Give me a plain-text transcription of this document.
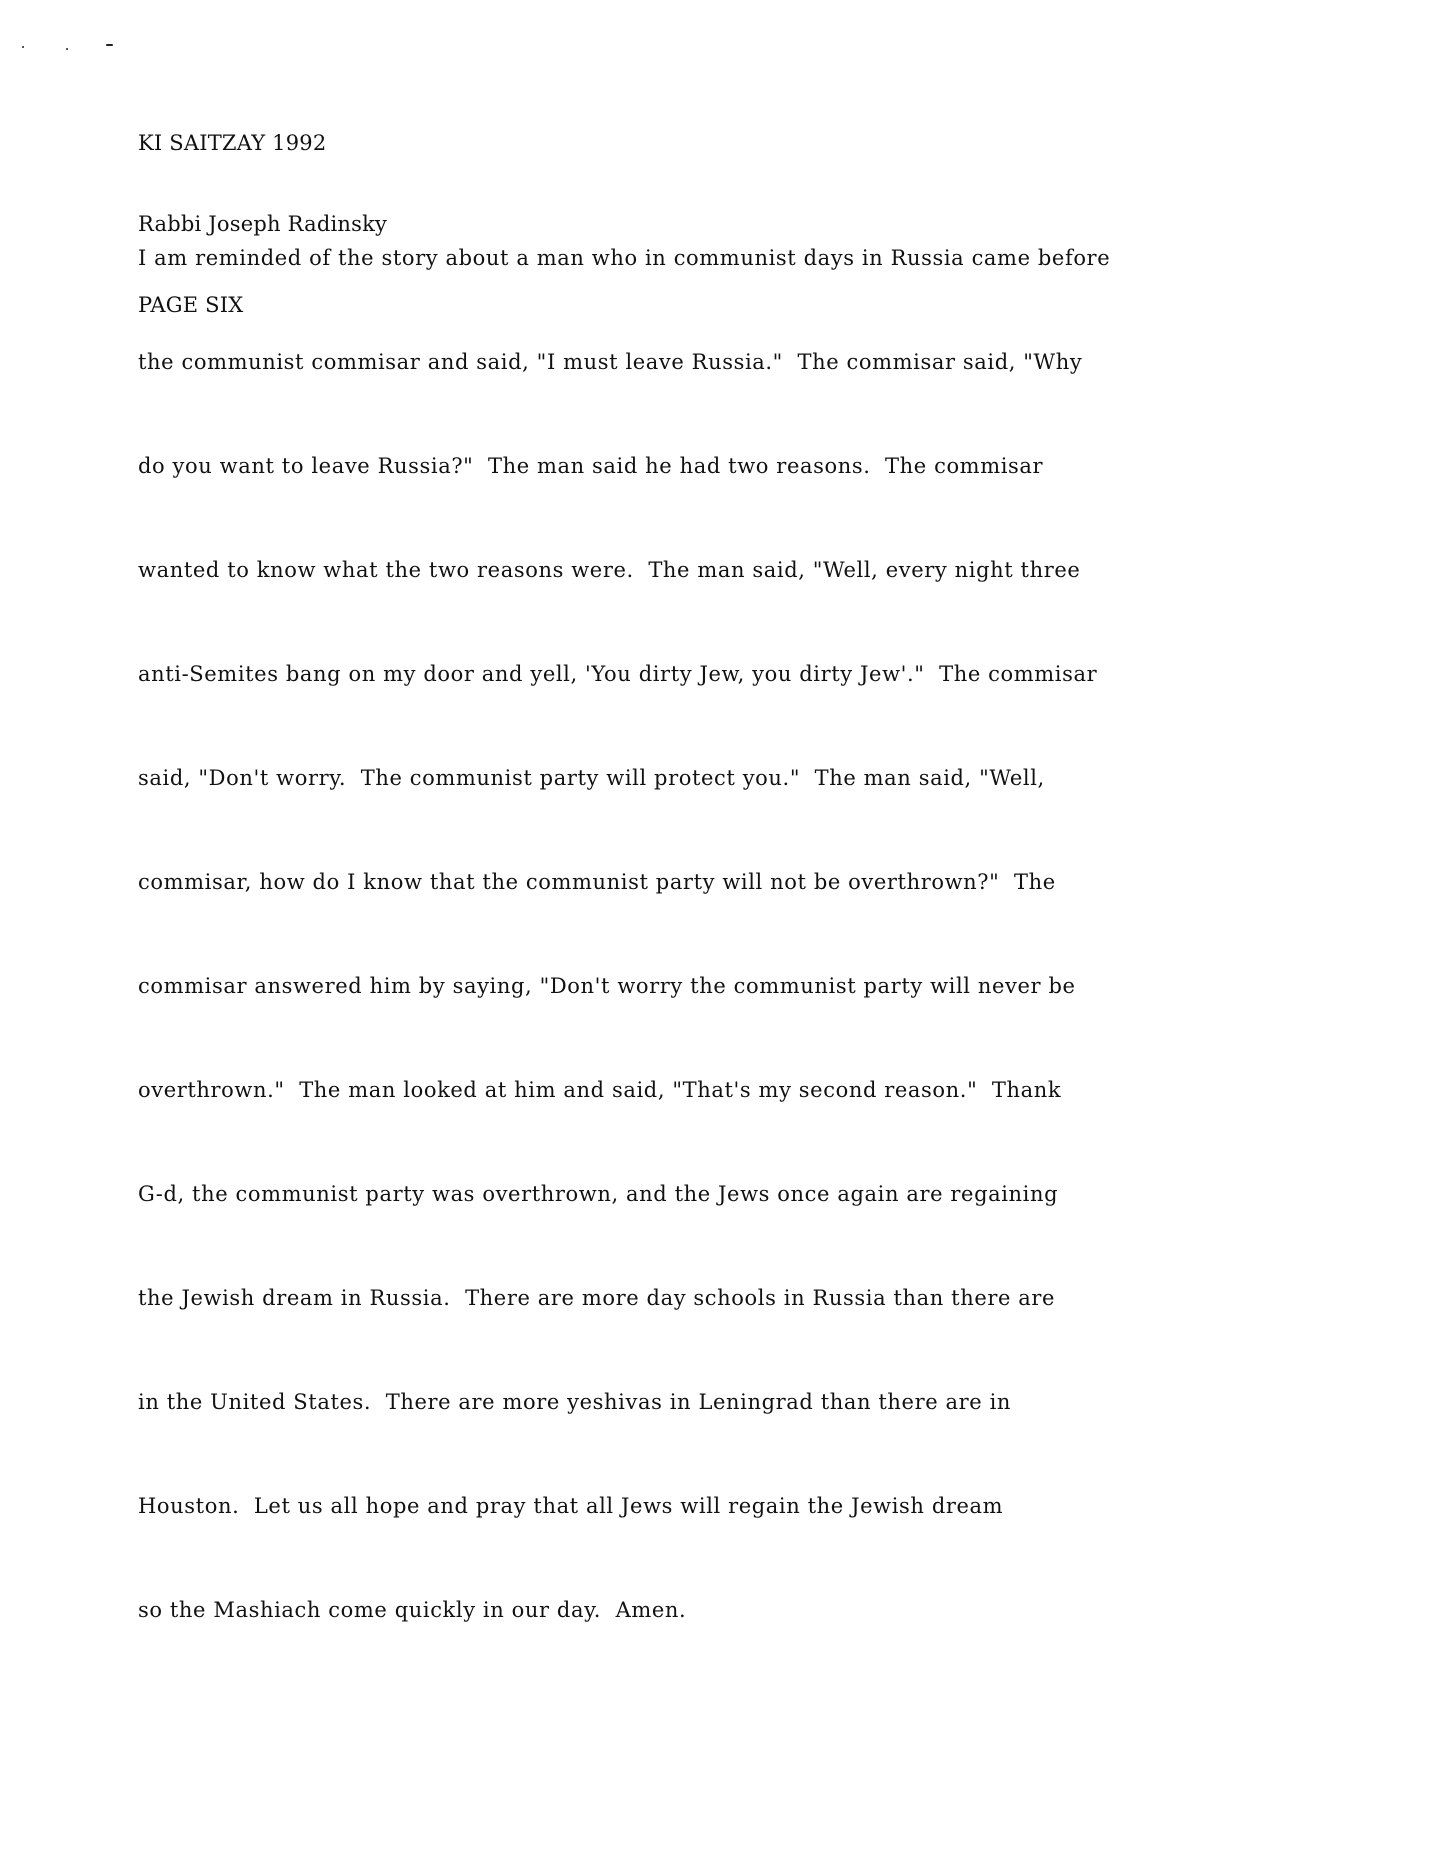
KI SAITZAY 1992

Rabbi Joseph Radinsky

PAGE SIX

I am reminded of the story about a man who in communist days in Russia came before

the communist commisar and said, "I must leave Russia."  The commisar said, "Why

do you want to leave Russia?"  The man said he had two reasons.  The commisar

wanted to know what the two reasons were.  The man said, "Well, every night three

anti-Semites bang on my door and yell, 'You dirty Jew, you dirty Jew'."  The commisar

said, "Don't worry.  The communist party will protect you."  The man said, "Well,

commisar, how do I know that the communist party will not be overthrown?"  The

commisar answered him by saying, "Don't worry the communist party will never be

overthrown."  The man looked at him and said, "That's my second reason."  Thank

G-d, the communist party was overthrown, and the Jews once again are regaining

the Jewish dream in Russia.  There are more day schools in Russia than there are

in the United States.  There are more yeshivas in Leningrad than there are in

Houston.  Let us all hope and pray that all Jews will regain the Jewish dream

so the Mashiach come quickly in our day.  Amen.
